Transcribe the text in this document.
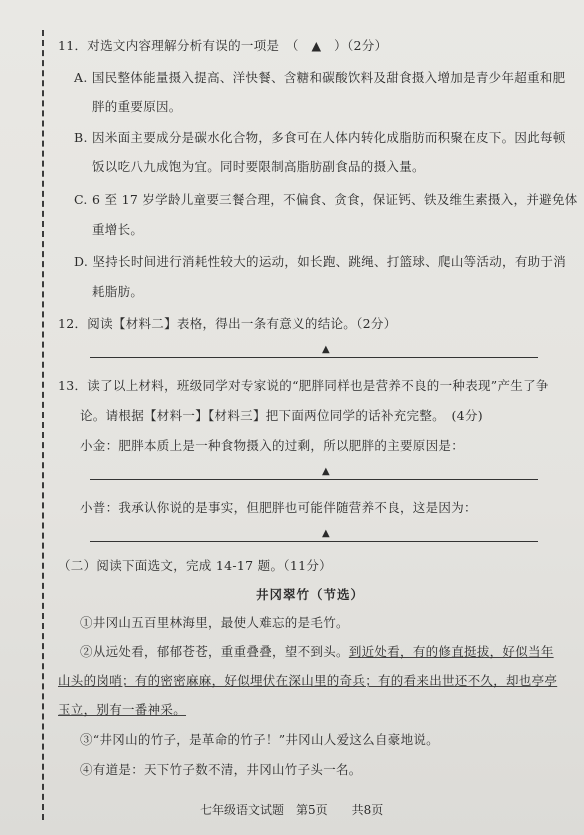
11．对选文内容理解分析有误的一项是　（　▲　）（2分）
A. 国民整体能量摄入提高、洋快餐、含糖和碳酸饮料及甜食摄入增加是青少年超重和肥
胖的重要原因。
B. 因米面主要成分是碳水化合物，多食可在人体内转化成脂肪而积聚在皮下。因此每顿
饭以吃八九成饱为宜。同时要限制高脂肪副食品的摄入量。
C. 6 至 17 岁学龄儿童要三餐合理，不偏食、贪食，保证钙、铁及维生素摄入，并避免体
重增长。
D. 坚持长时间进行消耗性较大的运动，如长跑、跳绳、打篮球、爬山等活动，有助于消
耗脂肪。
12．阅读【材料二】表格，得出一条有意义的结论。（2分）
▲
13．读了以上材料，班级同学对专家说的“肥胖同样也是营养不良的一种表现”产生了争
论。请根据【材料一】【材料三】把下面两位同学的话补充完整。　(4分)
小金：肥胖本质上是一种食物摄入的过剩，所以肥胖的主要原因是：
▲
小普：我承认你说的是事实，但肥胖也可能伴随营养不良，这是因为：
▲
（二）阅读下面选文，完成 14-17 题。（11分）
井冈翠竹（节选）
①井冈山五百里林海里，最使人难忘的是毛竹。
②从远处看，郁郁苍苍，重重叠叠，望不到头。到近处看，有的修直挺拔，好似当年
山头的岗哨；有的密密麻麻，好似埋伏在深山里的奇兵；有的看来出世还不久，却也亭亭
玉立，别有一番神采。
③“井冈山的竹子，是革命的竹子！”井冈山人爱这么自豪地说。
④有道是：天下竹子数不清，井冈山竹子头一名。
七年级语文试题　第5页　　共8页
